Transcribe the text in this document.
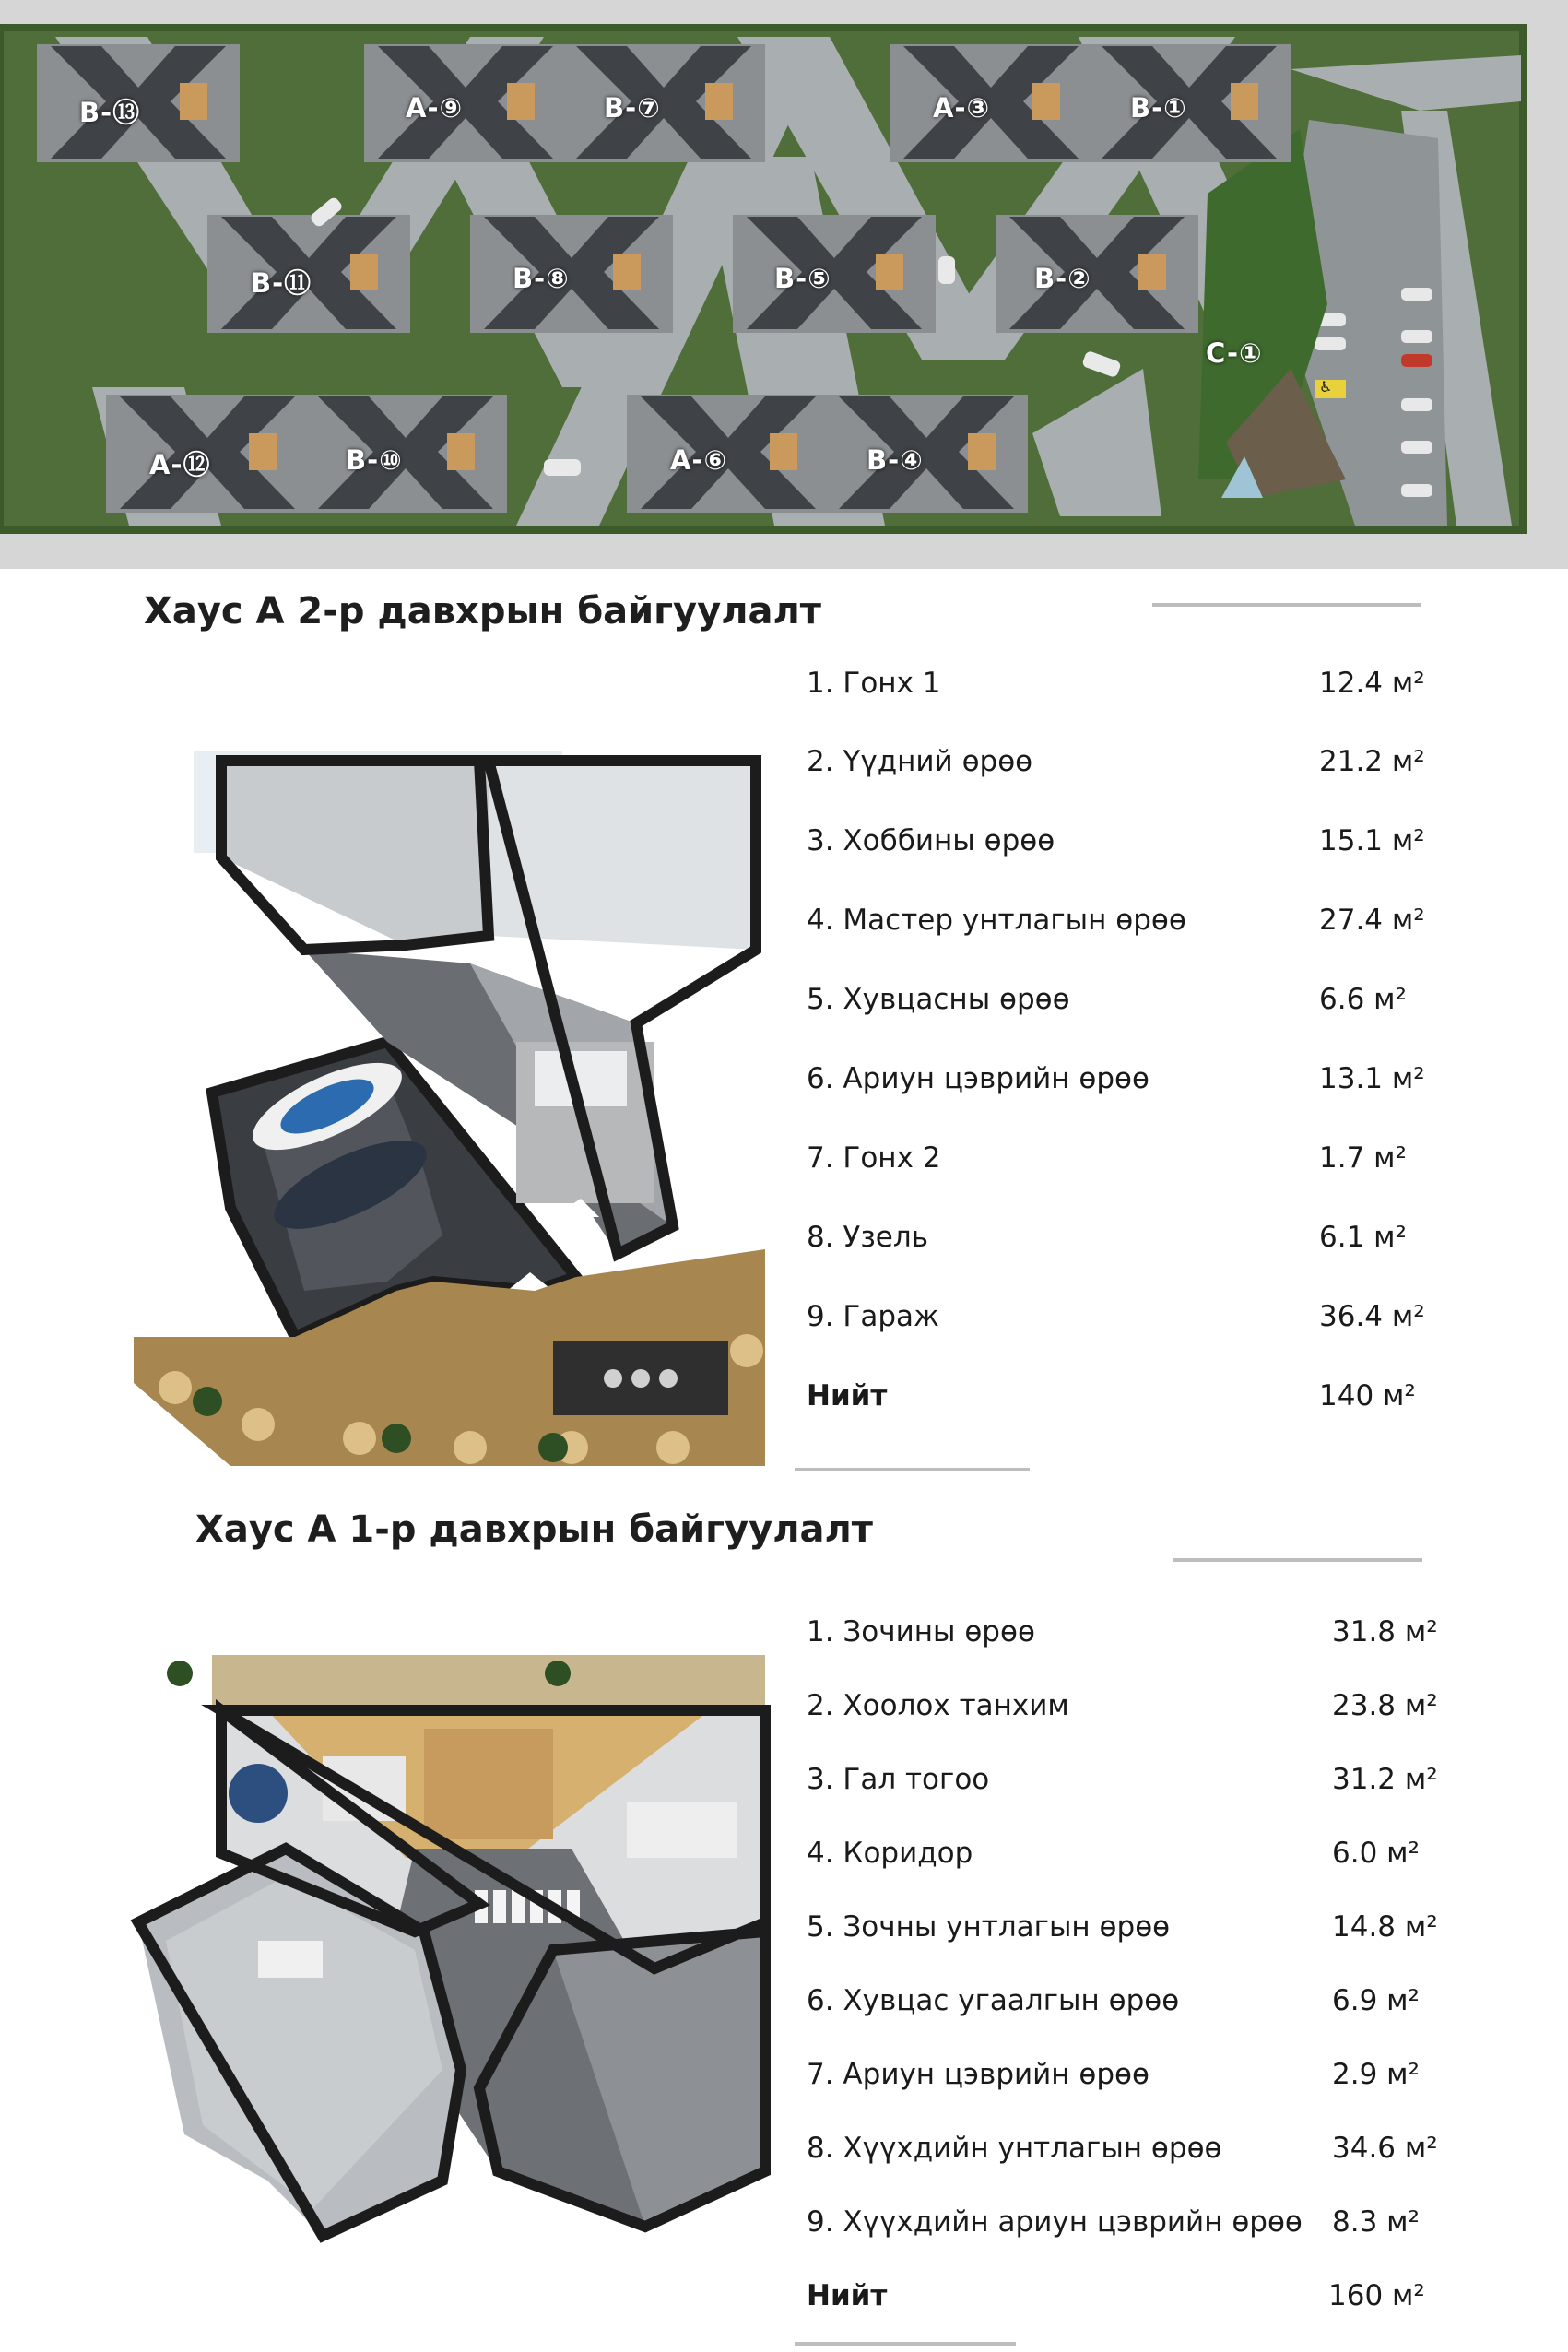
B-⑬	A-⑨	B-⑦	A-③	B-①
B-⑪	B-⑧	B-⑤	B-②
C-①
A-⑫	B-⑩	A-⑥	B-④
♿
Хаус А 2-р давхрын байгуулалт
1. Гонх 1	12.4 м²
2. Үүдний өрөө	21.2 м²
3. Хоббины өрөө	15.1 м²
4. Мастер унтлагын өрөө	27.4 м²
5. Хувцасны өрөө	6.6 м²
6. Ариун цэврийн өрөө	13.1 м²
7. Гонх 2	1.7 м²
8. Узель	6.1 м²
9. Гараж	36.4 м²
Нийт	140 м²
Хаус А 1-р давхрын байгуулалт
1. Зочины өрөө	31.8 м²
2. Хоолох танхим	23.8 м²
3. Гал тогоо	31.2 м²
4. Коридор	6.0 м²
5. Зочны унтлагын өрөө	14.8 м²
6. Хувцас угаалгын өрөө	6.9 м²
7. Ариун цэврийн өрөө	2.9 м²
8. Хүүхдийн унтлагын өрөө	34.6 м²
9. Хүүхдийн ариун цэврийн өрөө 8.3 м²
Нийт	160 м²
